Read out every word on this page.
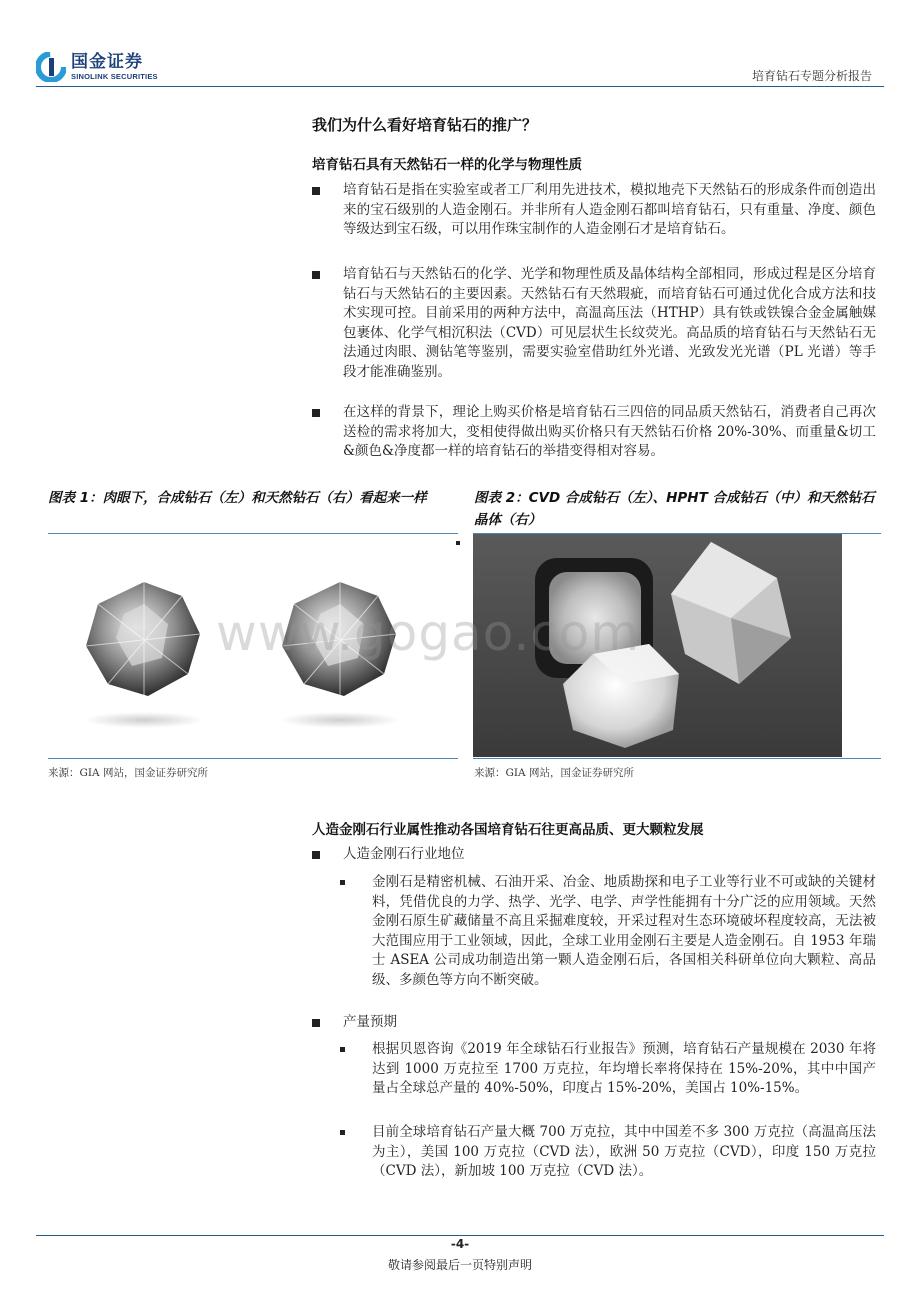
国金证券
SINOLINK SECURITIES	培育钻石专题分析报告
我们为什么看好培育钻石的推广？
培育钻石具有天然钻石一样的化学与物理性质
培育钻石是指在实验室或者工厂利用先进技术，模拟地壳下天然钻石的形成条件而创造出来的宝石级别的人造金刚石。并非所有人造金刚石都叫培育钻石，只有重量、净度、颜色等级达到宝石级，可以用作珠宝制作的人造金刚石才是培育钻石。
培育钻石与天然钻石的化学、光学和物理性质及晶体结构全部相同，形成过程是区分培育钻石与天然钻石的主要因素。天然钻石有天然瑕疵，而培育钻石可通过优化合成方法和技术实现可控。目前采用的两种方法中，高温高压法（HTHP）具有铁或铁镍合金金属触媒包裹体、化学气相沉积法（CVD）可见层状生长纹荧光。高品质的培育钻石与天然钻石无法通过肉眼、测钻笔等鉴别，需要实验室借助红外光谱、光致发光光谱（PL 光谱）等手段才能准确鉴别。
在这样的背景下，理论上购买价格是培育钻石三四倍的同品质天然钻石，消费者自己再次送检的需求将加大，变相使得做出购买价格只有天然钻石价格 20%-30%、而重量&切工&颜色&净度都一样的培育钻石的举措变得相对容易。
图表 1：肉眼下，合成钻石（左）和天然钻石（右）看起来一样
来源：GIA 网站，国金证券研究所
图表 2：CVD 合成钻石（左）、HPHT 合成钻石（中）和天然钻石晶体（右）
来源：GIA 网站，国金证券研究所
www.gogao.com
人造金刚石行业属性推动各国培育钻石往更高品质、更大颗粒发展
人造金刚石行业地位
金刚石是精密机械、石油开采、冶金、地质勘探和电子工业等行业不可或缺的关键材料，凭借优良的力学、热学、光学、电学、声学性能拥有十分广泛的应用领域。天然金刚石原生矿藏储量不高且采掘难度较，开采过程对生态环境破坏程度较高，无法被大范围应用于工业领域，因此，全球工业用金刚石主要是人造金刚石。自 1953 年瑞士 ASEA 公司成功制造出第一颗人造金刚石后，各国相关科研单位向大颗粒、高品级、多颜色等方向不断突破。
产量预期
根据贝恩咨询《2019 年全球钻石行业报告》预测，培育钻石产量规模在 2030 年将达到 1000 万克拉至 1700 万克拉，年均增长率将保持在 15%-20%，其中中国产量占全球总产量的 40%-50%，印度占 15%-20%，美国占 10%-15%。
目前全球培育钻石产量大概 700 万克拉，其中中国差不多 300 万克拉（高温高压法为主），美国 100 万克拉（CVD 法），欧洲 50 万克拉（CVD），印度 150 万克拉（CVD 法），新加坡 100 万克拉（CVD 法）。
-4-
敬请参阅最后一页特别声明
